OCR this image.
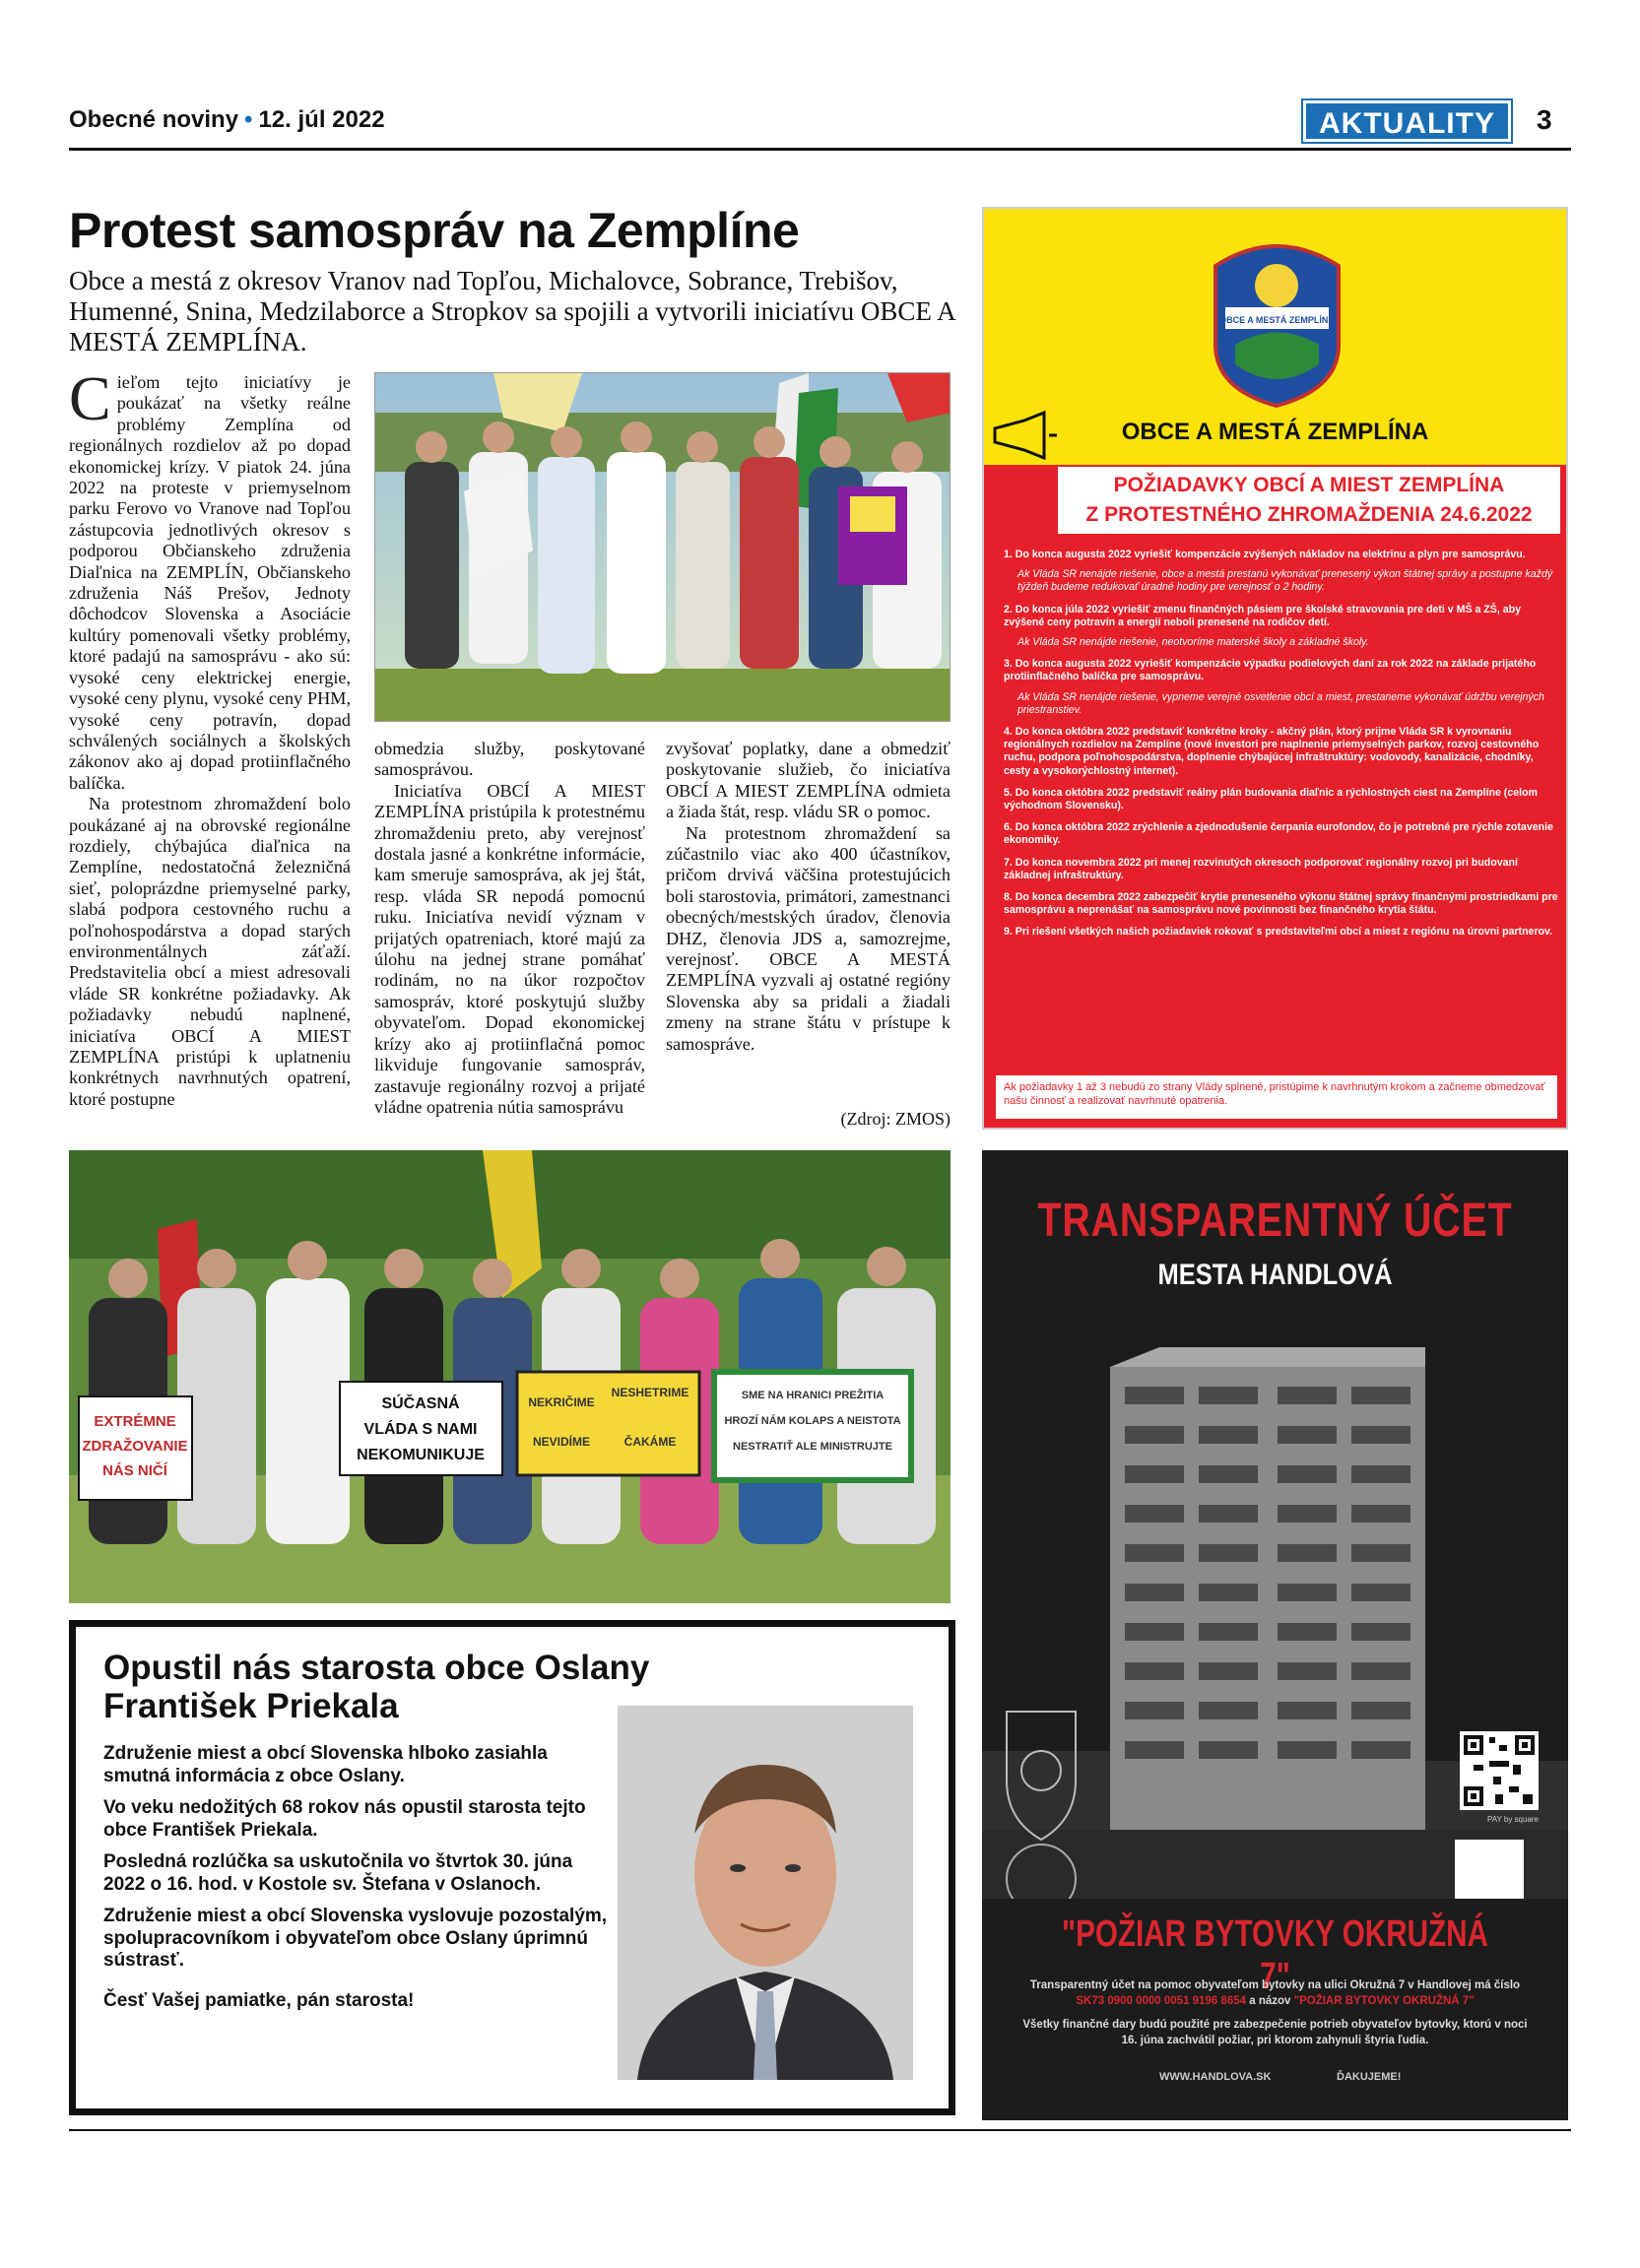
Obecné noviny • 12. júl 2022	AKTUALITY	3
Protest samospráv na Zemplíne
Obce a mestá z okresov Vranov nad Topľou, Michalovce, Sobrance, Trebišov, Humenné, Snina, Medzilaborce a Stropkov sa spojili a vytvorili iniciatívu OBCE A MESTÁ ZEMPLÍNA.

Cieľom tejto iniciatívy je poukázať na všetky reálne problémy Zemplína od regionálnych rozdielov až po dopad ekonomickej krízy. V piatok 24. júna 2022 na proteste v priemyselnom parku Ferovo vo Vranove nad Topľou zástupcovia jednotlivých okresov s podporou Občianskeho združenia Diaľnica na ZEMPLÍN, Občianskeho združenia Náš Prešov, Jednoty dôchodcov Slovenska a Asociácie kultúry pomenovali všetky problémy, ktoré padajú na samosprávu - ako sú: vysoké ceny elektrickej energie, vysoké ceny plynu, vysoké ceny PHM, vysoké ceny potravín, dopad schválených sociálnych a školských zákonov ako aj dopad protiinflačného balíčka.

Na protestnom zhromaždení bolo poukázané aj na obrovské regionálne rozdiely, chýbajúca diaľnica na Zemplíne, nedostatočná železničná sieť, poloprázdne priemyselné parky, slabá podpora cestovného ruchu a poľnohospodárstva a dopad starých environmentálnych záťaží. Predstavitelia obcí a miest adresovali vláde SR konkrétne požiadavky. Ak požiadavky nebudú naplnené, iniciatíva OBCÍ A MIEST ZEMPLÍNA pristúpi k uplatneniu konkrétnych navrhnutých opatrení, ktoré postupne

obmedzia služby, poskytované samosprávou.

Iniciatíva OBCÍ A MIEST ZEMPLÍNA pristúpila k protestnému zhromaždeniu preto, aby verejnosť dostala jasné a konkrétne informácie, kam smeruje samospráva, ak jej štát, resp. vláda SR nepodá pomocnú ruku. Iniciatíva nevidí význam v prijatých opatreniach, ktoré majú za úlohu na jednej strane pomáhať rodinám, no na úkor rozpočtov samospráv, ktoré poskytujú služby obyvateľom. Dopad ekonomickej krízy ako aj protiinflačná pomoc likviduje fungovanie samospráv, zastavuje regionálny rozvoj a prijaté vládne opatrenia nútia samosprávu

zvyšovať poplatky, dane a obmedziť poskytovanie služieb, čo iniciatíva OBCÍ A MIEST ZEMPLÍNA odmieta a žiada štát, resp. vládu SR o pomoc.

Na protestnom zhromaždení sa zúčastnilo viac ako 400 účastníkov, pričom drvivá väčšina protestujúcich boli starostovia, primátori, zamestnanci obecných/mestských úradov, členovia DHZ, členovia JDS a, samozrejme, verejnosť. OBCE A MESTÁ ZEMPLÍNA vyzvali aj ostatné regióny Slovenska aby sa pridali a žiadali zmeny na strane štátu v prístupe k samospráve.

(Zdroj: ZMOS)
EXTRÉMNE
ZDRAŽOVANIE
NÁS NIČÍ
SÚČASNÁ
VLÁDA S NAMI
NEKOMUNIKUJE
NEKRIČIME
NESHETRIME
NEVIDÍME	ČAKÁME
SME NA HRANICI PREŽITIA
HROZÍ NÁM KOLAPS A NEISTOTA
NESTRATIŤ ALE MINISTRUJTE
OBCE A MESTÁ ZEMPLÍNA
OBCE A MESTÁ ZEMPLÍNA
POŽIADAVKY OBCÍ A MIEST ZEMPLÍNA
Z PROTESTNÉHO ZHROMAŽDENIA 24.6.2022
1. Do konca augusta 2022 vyriešiť kompenzácie zvýšených nákladov na elektrinu a plyn pre samosprávu.
Ak Vláda SR nenájde riešenie, obce a mestá prestanú vykonávať prenesený výkon štátnej správy a postupne každý týždeň budeme redukovať úradné hodiny pre verejnosť o 2 hodiny.
2. Do konca júla 2022 vyriešiť zmenu finančných pásiem pre školské stravovania pre deti v MŠ a ZŠ, aby zvýšené ceny potravín a energií neboli prenesené na rodičov detí.
Ak Vláda SR nenájde riešenie, neotvoríme materské školy a základné školy.
3. Do konca augusta 2022 vyriešiť kompenzácie výpadku podielových daní za rok 2022 na základe prijatého protiinflačného balíčka pre samosprávu.
Ak Vláda SR nenájde riešenie, vypneme verejné osvetlenie obcí a miest, prestaneme vykonávať údržbu verejných priestranstiev.
4. Do konca októbra 2022 predstaviť konkrétne kroky - akčný plán, ktorý prijme Vláda SR k vyrovnaniu regionálnych rozdielov na Zemplíne (nové investori pre naplnenie priemyselných parkov, rozvoj cestovného ruchu, podpora poľnohospodárstva, doplnenie chýbajúcej infraštruktúry: vodovody, kanalizácie, chodníky, cesty a vysokorýchlostný internet).
5. Do konca októbra 2022 predstaviť reálny plán budovania diaľnic a rýchlostných ciest na Zemplíne (celom východnom Slovensku).
6. Do konca októbra 2022 zrýchlenie a zjednodušenie čerpania eurofondov, čo je potrebné pre rýchle zotavenie ekonomiky.
7. Do konca novembra 2022 pri menej rozvinutých okresoch podporovať regionálny rozvoj pri budovaní základnej infraštruktúry.
8. Do konca decembra 2022 zabezpečiť krytie preneseného výkonu štátnej správy finančnými prostriedkami pre samosprávu a neprenášať na samosprávu nové povinnosti bez finančného krytia štátu.
9. Pri riešení všetkých našich požiadaviek rokovať s predstaviteľmi obcí a miest z regiónu na úrovni partnerov.
Ak požiadavky 1 až 3 nebudú zo strany Vlády splnené, pristúpime k navrhnutým krokom a začneme obmedzovať našu činnosť a realizovať navrhnuté opatrenia.
TRANSPARENTNÝ ÚČET
MESTA HANDLOVÁ
PAY by square
"POŽIAR BYTOVKY OKRUŽNÁ 7"
Transparentný účet na pomoc obyvateľom bytovky na ulici Okružná 7 v Handlovej má číslo SK73 0900 0000 0051 9196 8654 a názov "POŽIAR BYTOVKY OKRUŽNÁ 7"
Všetky finančné dary budú použité pre zabezpečenie potrieb obyvateľov bytovky, ktorú v noci 16. júna zachvátil požiar, pri ktorom zahynuli štyria ľudia.
WWW.HANDLOVA.SK	ĎAKUJEME!
Opustil nás starosta obce Oslany
František Priekala

Združenie miest a obcí Slovenska hlboko zasiahla smutná informácia z obce Oslany.

Vo veku nedožitých 68 rokov nás opustil starosta tejto obce František Priekala.

Posledná rozlúčka sa uskutočnila vo štvrtok 30. júna 2022 o 16. hod. v Kostole sv. Štefana v Oslanoch.

Združenie miest a obcí Slovenska vyslovuje pozostalým, spolupracovníkom i obyvateľom obce Oslany úprimnú sústrasť.

Česť Vašej pamiatke, pán starosta!
